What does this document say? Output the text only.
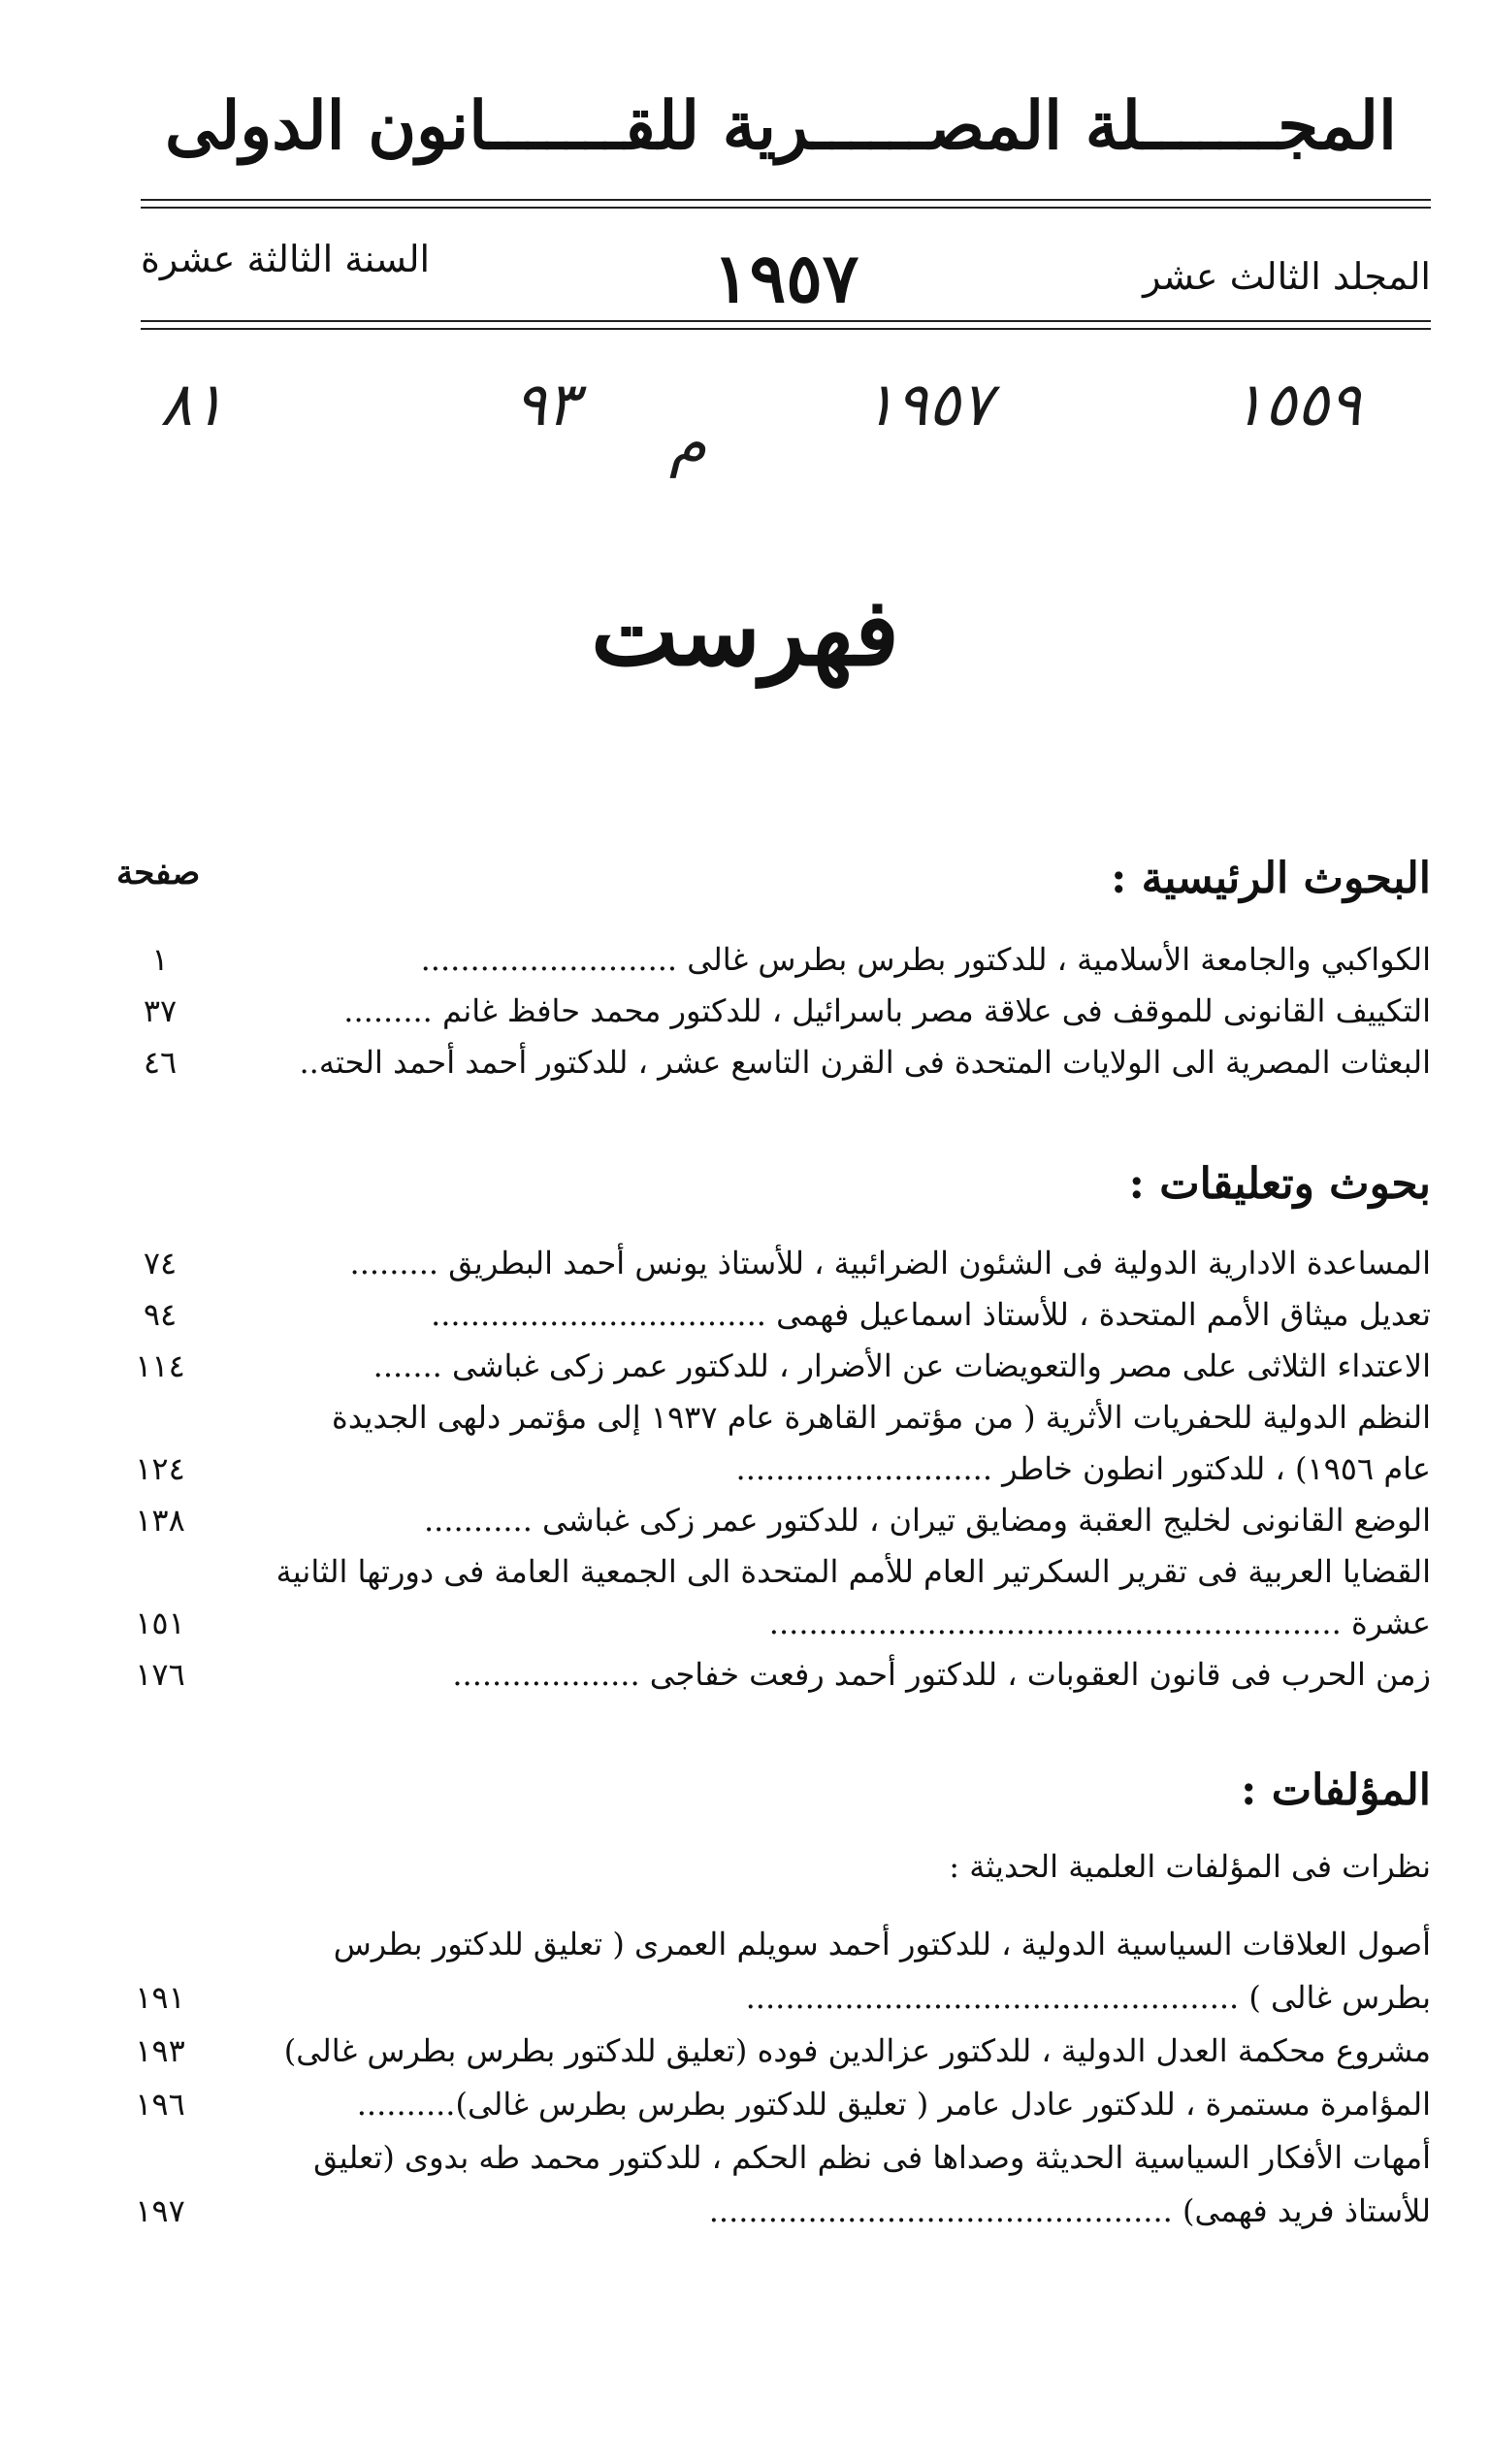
المجـــــــلة المصــــــرية للقـــــــانون الدولى
المجلد الثالث عشر
١٩٥٧
السنة الثالثة عشرة
٨١	٩٣
م
١٩٥٧	١٥٥٩
فهرست
صفحة	البحوث الرئيسية :
الكواكبي والجامعة الأسلامية ، للدكتور بطرس بطرس غالى ..........................
١
التكييف القانونى للموقف فى علاقة مصر باسرائيل ، للدكتور محمد حافظ غانم .........
٣٧
البعثات المصرية الى الولايات المتحدة فى القرن التاسع عشر ، للدكتور أحمد أحمد الحته..
٤٦
بحوث وتعليقات :
المساعدة الادارية الدولية فى الشئون الضرائبية ، للأستاذ يونس أحمد البطريق .........
٧٤
تعديل ميثاق الأمم المتحدة ، للأستاذ اسماعيل فهمى ..................................
٩٤
الاعتداء الثلاثى على مصر والتعويضات عن الأضرار ، للدكتور عمر زكى غباشى .......
١١٤
النظم الدولية للحفريات الأثرية ( من مؤتمر القاهرة عام ١٩٣٧ إلى مؤتمر دلهى الجديدة
عام ١٩٥٦) ، للدكتور انطون خاطر ..........................
١٢٤
الوضع القانونى لخليج العقبة ومضايق تيران ، للدكتور عمر زكى غباشى ...........
١٣٨
القضايا العربية فى تقرير السكرتير العام للأمم المتحدة الى الجمعية العامة فى دورتها الثانية
عشرة ..........................................................
١٥١
زمن الحرب فى قانون العقوبات ، للدكتور أحمد رفعت خفاجى ...................
١٧٦
المؤلفات :
نظرات فى المؤلفات العلمية الحديثة :
أصول العلاقات السياسية الدولية ، للدكتور أحمد سويلم العمرى ( تعليق للدكتور بطرس
بطرس غالى ) ..................................................
١٩١
مشروع محكمة العدل الدولية ، للدكتور عزالدين فوده (تعليق للدكتور بطرس بطرس غالى)
١٩٣
المؤامرة مستمرة ، للدكتور عادل عامر ( تعليق للدكتور بطرس بطرس غالى)..........
١٩٦
أمهات الأفكار السياسية الحديثة وصداها فى نظم الحكم ، للدكتور محمد طه بدوى (تعليق
للأستاذ فريد فهمى) ...............................................
١٩٧
